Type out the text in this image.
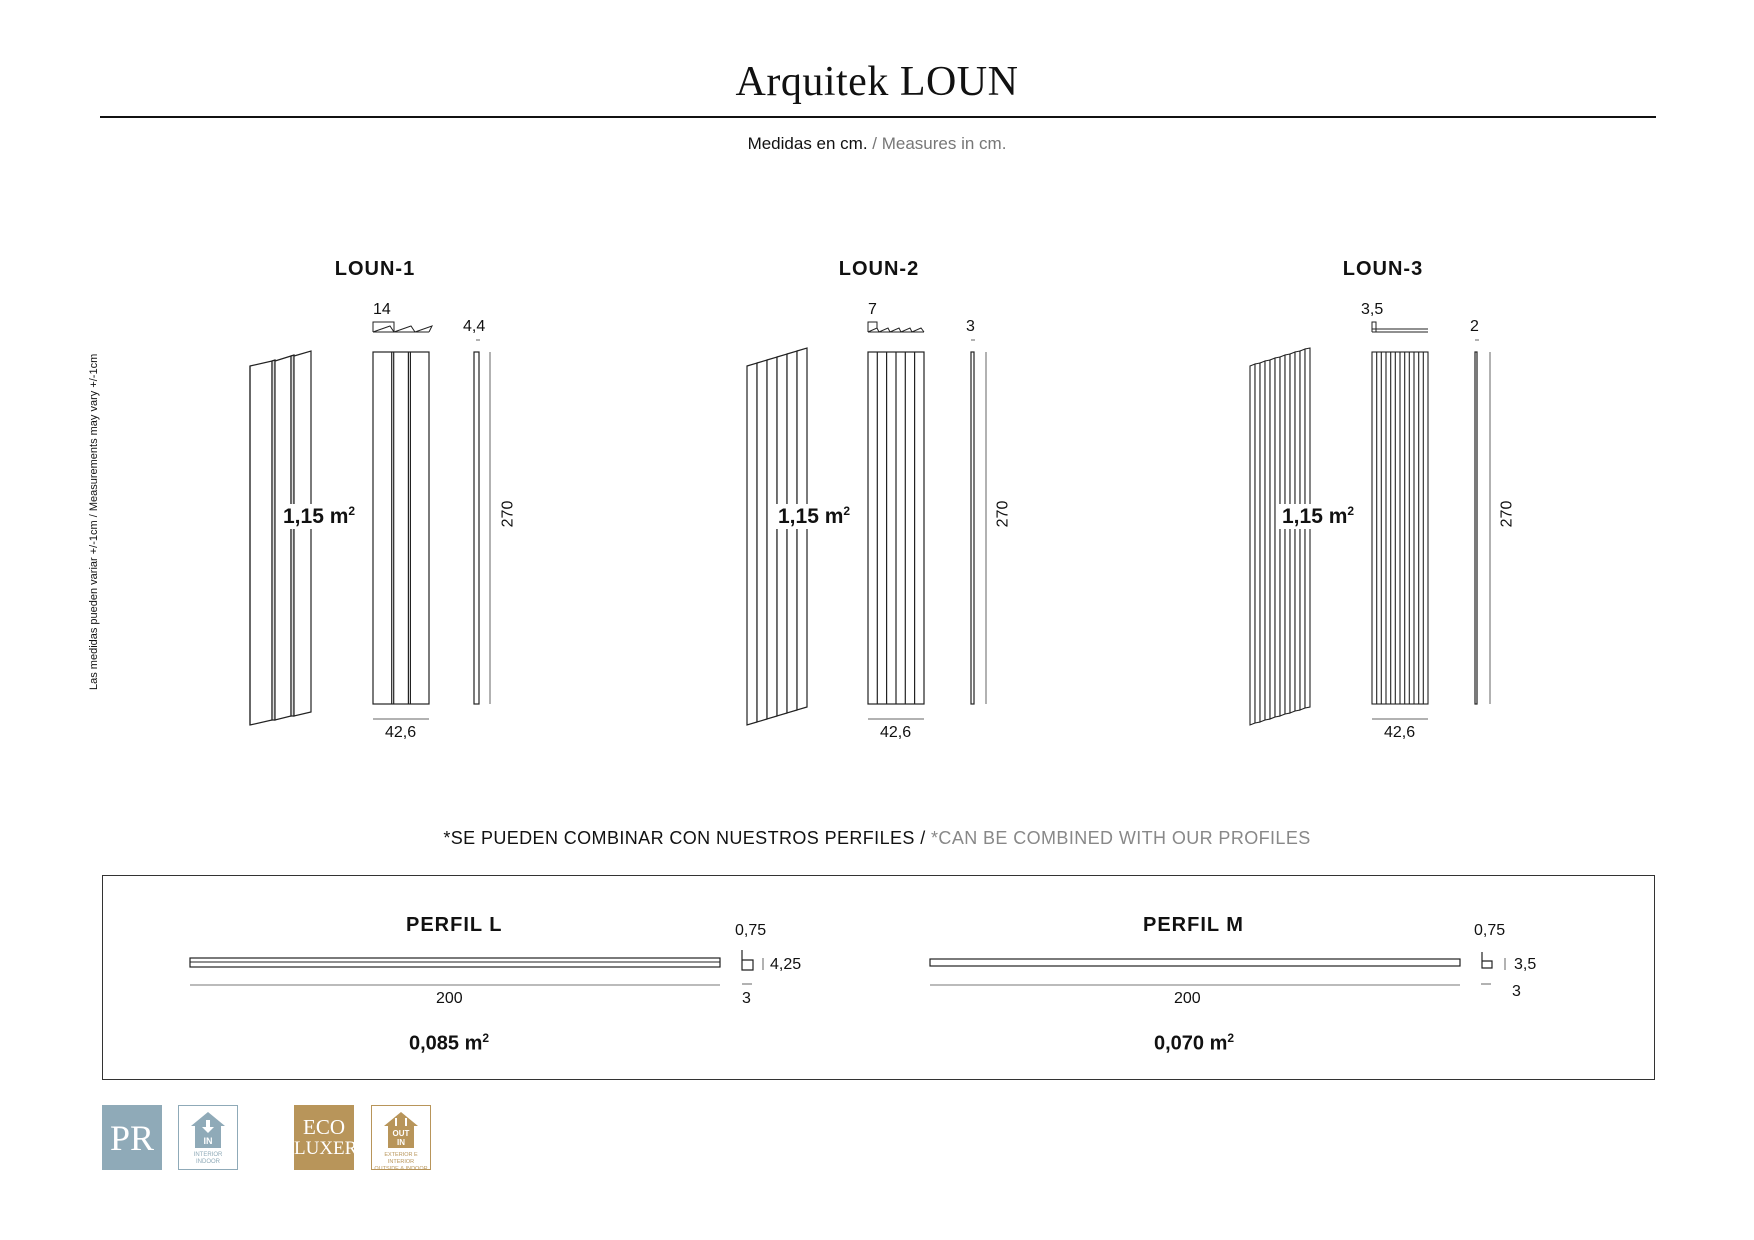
Arquitek LOUN
Medidas en cm. / Measures in cm.
Las medidas pueden variar +/-1cm / Measurements may vary +/-1cm
LOUN-1
1,15 $m^2$
14
4,4
270
42,6
LOUN-2
1,15 $m^2$
7
3
270
42,6
LOUN-3
1,15 $m^2$
3,5
2
270
42,6
*SE PUEDEN COMBINAR CON NUESTROS PERFILES / *CAN BE COMBINED WITH OUR PROFILES
PERFIL L
200
0,75
4,25
3
0,085 $m^2$
PERFIL M
200
0,75
3,5
3
0,070 $m^2$
PR	IN
INTERIOR
INDOOR
ECO
LUXER
OUT
IN
EXTERIOR E INTERIOR
OUTSIDE & INDOOR
